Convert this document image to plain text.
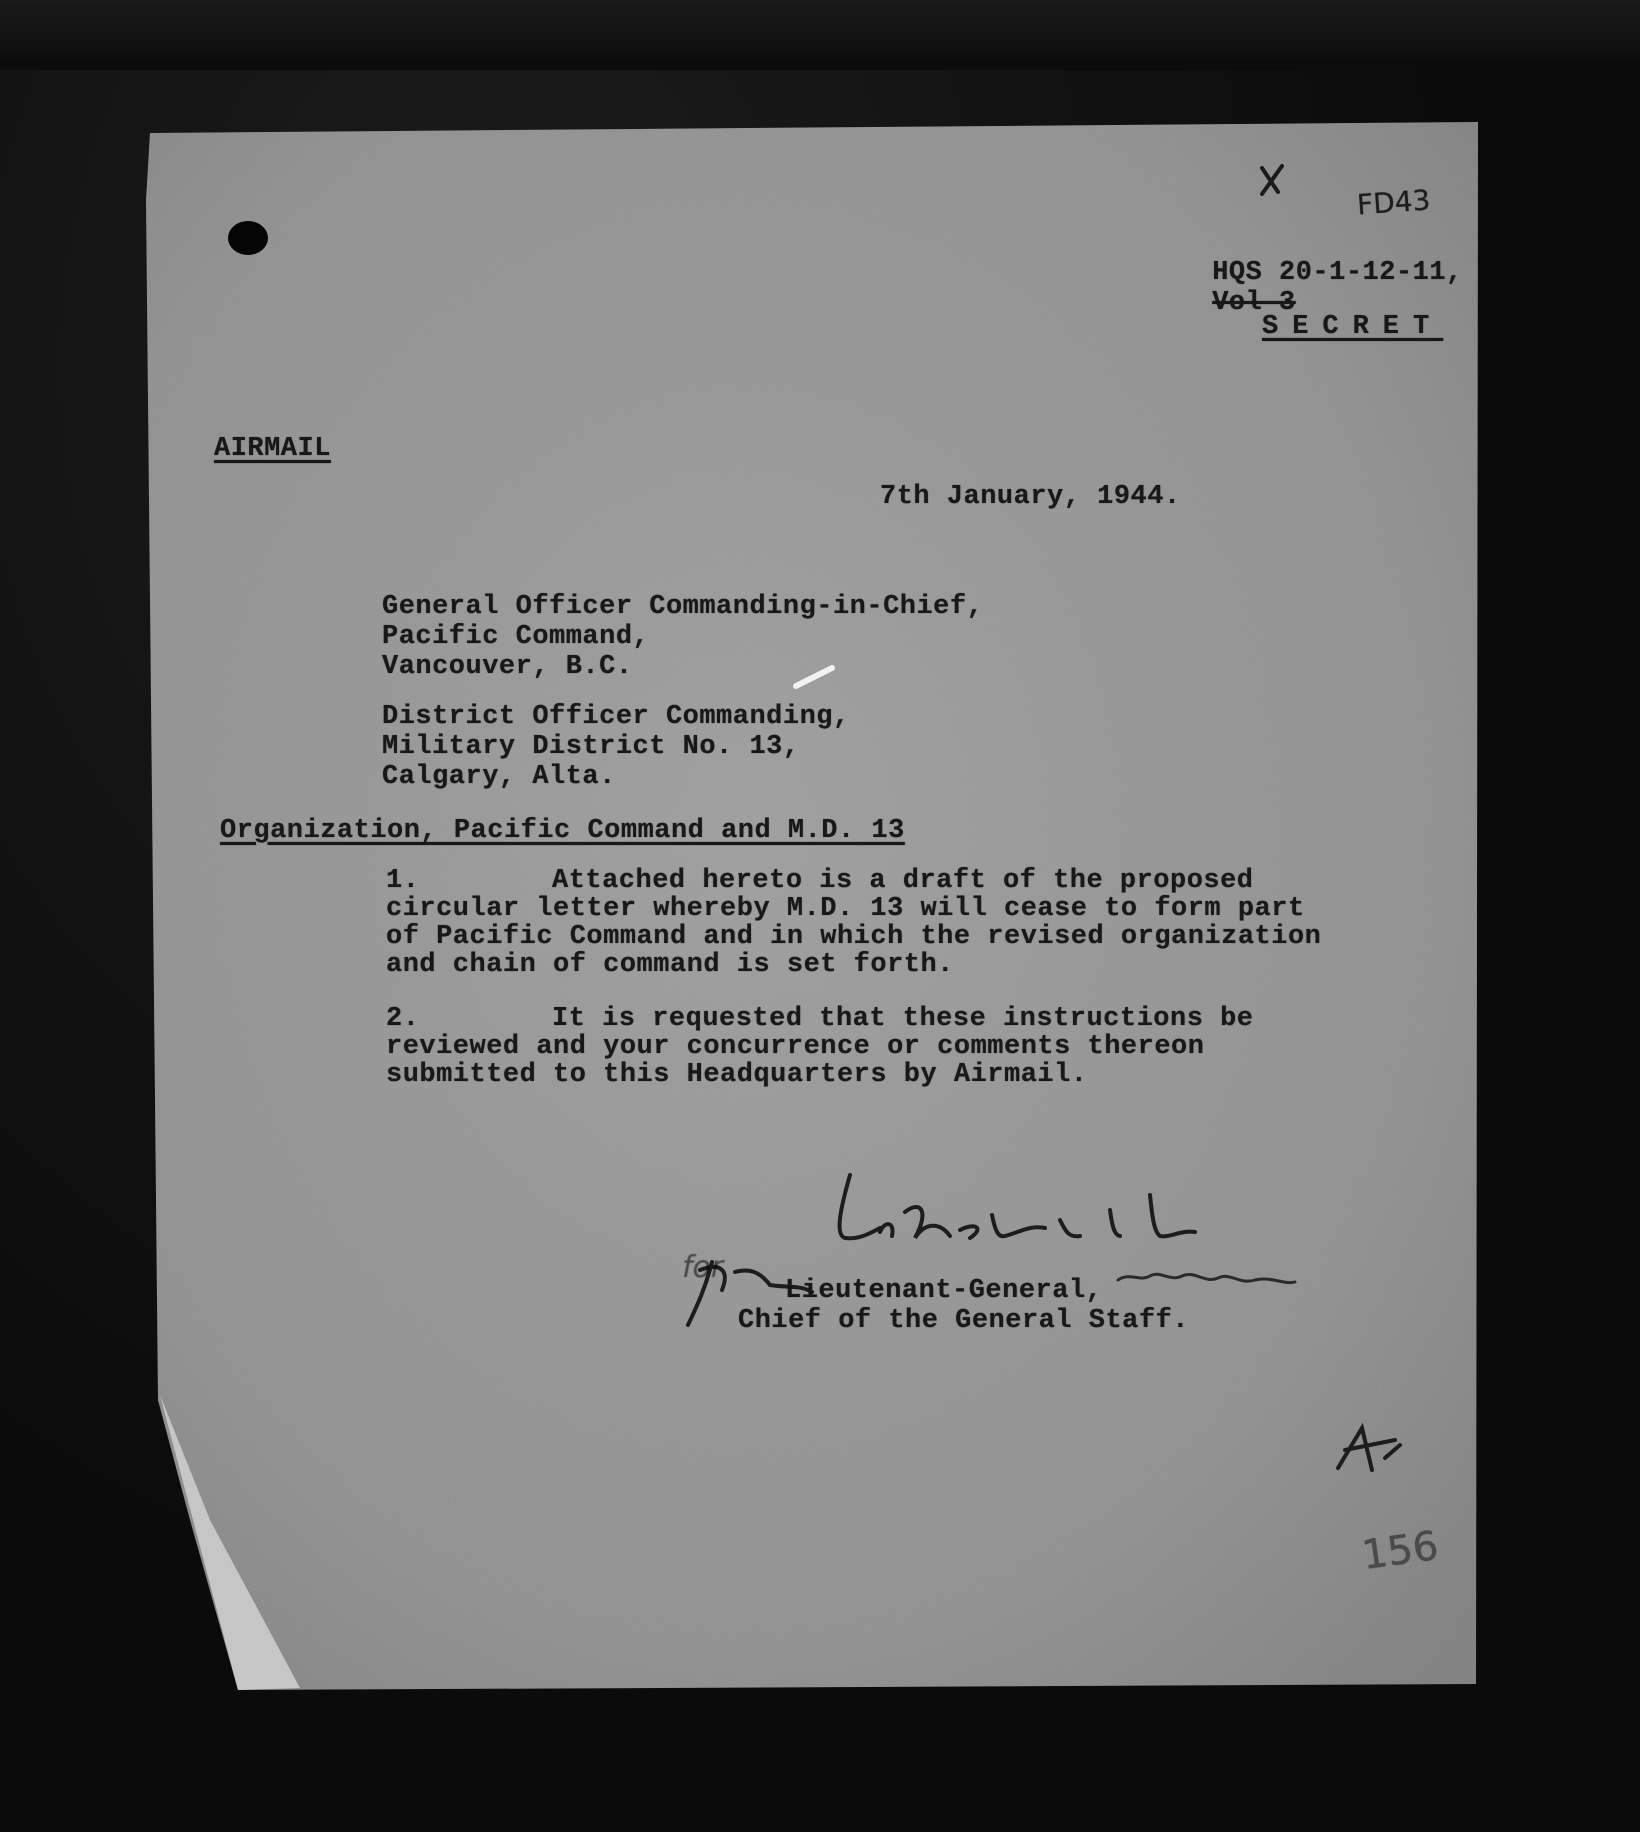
FD43

HQS 20-1-12-11,
Vol 3

SECRET
AIRMAIL
7th January, 1944.
General Officer Commanding-in-Chief,
Pacific Command,
Vancouver, B.C.
District Officer Commanding,
Military District No. 13,
Calgary, Alta.
Organization, Pacific Command and M.D. 13
1.	Attached hereto is a draft of the proposed
circular letter whereby M.D. 13 will cease to form part
of Pacific Command and in which the revised organization
and chain of command is set forth.
2.	It is requested that these instructions be
reviewed and your concurrence or comments thereon
submitted to this Headquarters by Airmail.
for
Lieutenant-General,
Chief of the General Staff.
156
